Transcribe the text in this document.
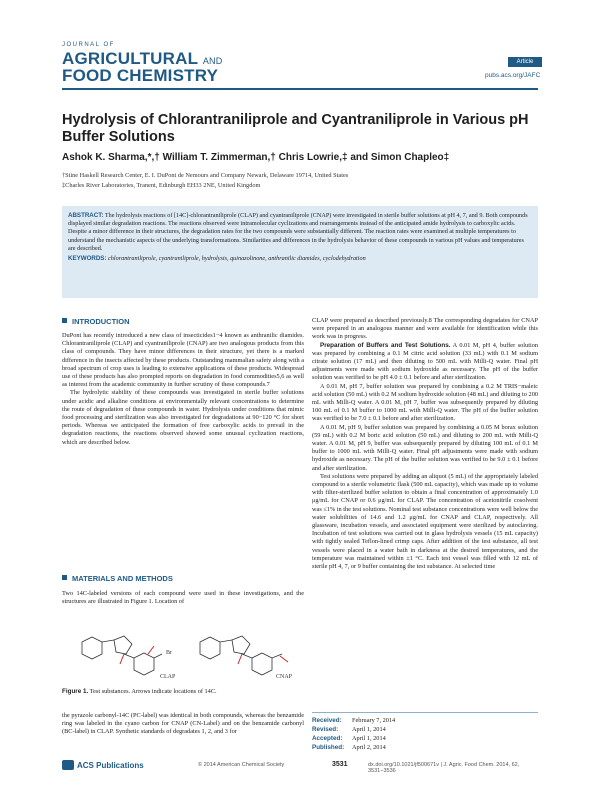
JOURNAL OF
AGRICULTURAL AND
FOOD CHEMISTRY
Article
pubs.acs.org/JAFC
Hydrolysis of Chlorantraniliprole and Cyantraniliprole in Various pH Buffer Solutions
Ashok K. Sharma,*,† William T. Zimmerman,† Chris Lowrie,‡ and Simon Chapleo‡
†Stine Haskell Research Center, E. I. DuPont de Nemours and Company Newark, Delaware 19714, United States
‡Charles River Laboratories, Tranent, Edinburgh EH33 2NE, United Kingdom
ABSTRACT: The hydrolysis reactions of [14C]-chlorantraniliprole (CLAP) and cyantraniliprole (CNAP) were investigated in sterile buffer solutions at pH 4, 7, and 9. Both compounds displayed similar degradation reactions. The reactions observed were intramolecular cyclizations and rearrangements instead of the anticipated amide hydrolysis to carboxylic acids. Despite a minor difference in their structures, the degradation rates for the two compounds were substantially different. The reaction rates were examined at multiple temperatures to understand the mechanistic aspects of the underlying transformations. Similarities and differences in the hydrolysis behavior of these compounds in various pH values and temperatures are described.
KEYWORDS: chlorantraniliprole, cyantraniliprole, hydrolysis, quinazolinone, anthranilic diamides, cyclodehydration
INTRODUCTION

DuPont has recently introduced a new class of insecticides1−4 known as anthranilic diamides. Chlorantraniliprole (CLAP) and cyantraniliprole (CNAP) are two analogous products from this class of compounds. They have minor differences in their structure, yet there is a marked difference in the insects affected by these products. Outstanding mammalian safety along with a broad spectrum of crop uses is leading to extensive applications of these products. Widespread use of these products has also prompted reports on degradation in food commodities5,6 as well as interest from the academic community in further scrutiny of these compounds.7

The hydrolytic stability of these compounds was investigated in sterile buffer solutions under acidic and alkaline conditions at environmentally relevant concentrations to determine the route of degradation of these compounds in water. Hydrolysis under conditions that mimic food processing and sterilization was also investigated for degradations at 90−120 °C for short periods. Whereas we anticipated the formation of free carboxylic acids to prevail in the degradation reactions, the reactions observed showed some unusual cyclization reactions, which are described below.

MATERIALS AND METHODS

Two 14C-labeled versions of each compound were used in these investigations, and the structures are illustrated in Figure 1. Location of

Br
CLAP	CNAP
Figure 1. Test substances. Arrows indicate locations of 14C.

the pyrazole carbonyl-14C (PC-label) was identical in both compounds, whereas the benzamide ring was labeled in the cyano carbon for CNAP (CN-Label) and on the benzamide carbonyl (BC-label) in CLAP. Synthetic standards of degradates 1, 2, and 3 for

CLAP were prepared as described previously.8 The corresponding degradates for CNAP were prepared in an analogous manner and were available for identification while this work was in progress.

Preparation of Buffers and Test Solutions. A 0.01 M, pH 4, buffer solution was prepared by combining a 0.1 M citric acid solution (33 mL) with 0.1 M sodium citrate solution (17 mL) and then diluting to 500 mL with Milli-Q water. Final pH adjustments were made with sodium hydroxide as necessary. The pH of the buffer solution was verified to be pH 4.0 ± 0.1 before and after sterilization.

A 0.01 M, pH 7, buffer solution was prepared by combining a 0.2 M TRIS−maleic acid solution (50 mL) with 0.2 M sodium hydroxide solution (48 mL) and diluting to 200 mL with Milli-Q water. A 0.01 M, pH 7, buffer was subsequently prepared by diluting 100 mL of 0.1 M buffer to 1000 mL with Milli-Q water. The pH of the buffer solution was verified to be 7.0 ± 0.1 before and after sterilization.

A 0.01 M, pH 9, buffer solution was prepared by combining a 0.05 M borax solution (59 mL) with 0.2 M boric acid solution (50 mL) and diluting to 200 mL with Milli-Q water. A 0.01 M, pH 9, buffer was subsequently prepared by diluting 100 mL of 0.1 M buffer to 1000 mL with Milli-Q water. Final pH adjustments were made with sodium hydroxide as necessary. The pH of the buffer solution was verified to be 9.0 ± 0.1 before and after sterilization.

Test solutions were prepared by adding an aliquot (5 mL) of the appropriately labeled compound to a sterile volumetric flask (500 mL capacity), which was made up to volume with filter-sterilized buffer solution to obtain a final concentration of approximately 1.0 μg/mL for CNAP or 0.6 μg/mL for CLAP. The concentration of acetonitrile cosolvent was ≤1% in the test solutions. Nominal test substance concentrations were well below the water solubilities of 14.6 and 1.2 μg/mL for CNAP and CLAP, respectively. All glassware, incubation vessels, and associated equipment were sterilized by autoclaving. Incubation of test solutions was carried out in glass hydrolysis vessels (15 mL capacity) with tightly sealed Teflon-lined crimp caps. After addition of the test substance, all test vessels were placed in a water bath in darkness at the desired temperatures, and the temperature was maintained within ±1 °C. Each test vessel was filled with 12 mL of sterile pH 4, 7, or 9 buffer containing the test substance. At selected time

Received: February 7, 2014
Revised: April 1, 2014
Accepted: April 1, 2014
Published: April 2, 2014
ACS Publications	© 2014 American Chemical Society	3531	dx.doi.org/10.1021/jf500671v | J. Agric. Food Chem. 2014, 62, 3531−3536
